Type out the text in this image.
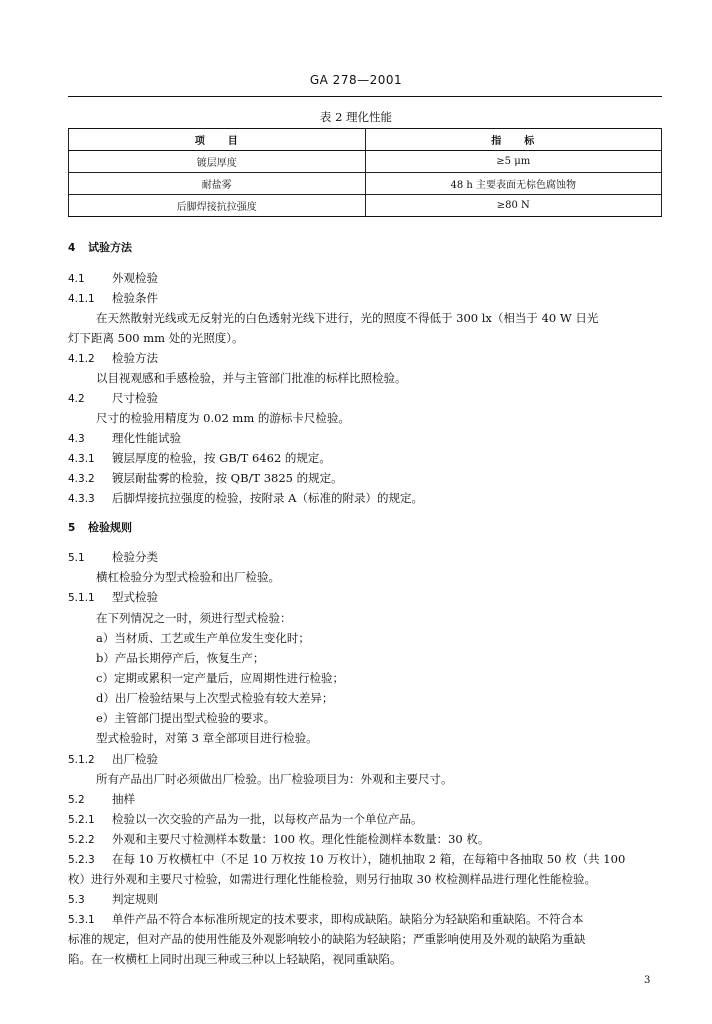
GA 278—2001
表 2 理化性能
项　　目	指　　标
镀层厚度	≥5 μm
耐盐雾	48 h 主要表面无棕色腐蚀物
后脚焊接抗拉强度	≥80 N
4 试验方法
4.1 外观检验
4.1.1 检验条件
在天然散射光线或无反射光的白色透射光线下进行，光的照度不得低于 300 lx（相当于 40 W 日光
灯下距离 500 mm 处的光照度）。
4.1.2 检验方法
以目视观感和手感检验，并与主管部门批准的标样比照检验。
4.2 尺寸检验
尺寸的检验用精度为 0.02 mm 的游标卡尺检验。
4.3 理化性能试验
4.3.1 镀层厚度的检验，按 GB/T 6462 的规定。
4.3.2 镀层耐盐雾的检验，按 QB/T 3825 的规定。
4.3.3 后脚焊接抗拉强度的检验，按附录 A（标准的附录）的规定。
5 检验规则
5.1 检验分类
横杠检验分为型式检验和出厂检验。
5.1.1 型式检验
在下列情况之一时，须进行型式检验：
a）当材质、工艺或生产单位发生变化时；
b）产品长期停产后，恢复生产；
c）定期或累积一定产量后，应周期性进行检验；
d）出厂检验结果与上次型式检验有较大差异；
e）主管部门提出型式检验的要求。
型式检验时，对第 3 章全部项目进行检验。
5.1.2 出厂检验
所有产品出厂时必须做出厂检验。出厂检验项目为：外观和主要尺寸。
5.2 抽样
5.2.1 检验以一次交验的产品为一批，以每枚产品为一个单位产品。
5.2.2 外观和主要尺寸检测样本数量：100 枚。理化性能检测样本数量：30 枚。
5.2.3 在每 10 万枚横杠中（不足 10 万枚按 10 万枚计），随机抽取 2 箱，在每箱中各抽取 50 枚（共 100
枚）进行外观和主要尺寸检验，如需进行理化性能检验，则另行抽取 30 枚检测样品进行理化性能检验。
5.3 判定规则
5.3.1 单件产品不符合本标准所规定的技术要求，即构成缺陷。缺陷分为轻缺陷和重缺陷。不符合本
标准的规定，但对产品的使用性能及外观影响较小的缺陷为轻缺陷；严重影响使用及外观的缺陷为重缺
陷。在一枚横杠上同时出现三种或三种以上轻缺陷，视同重缺陷。
3
